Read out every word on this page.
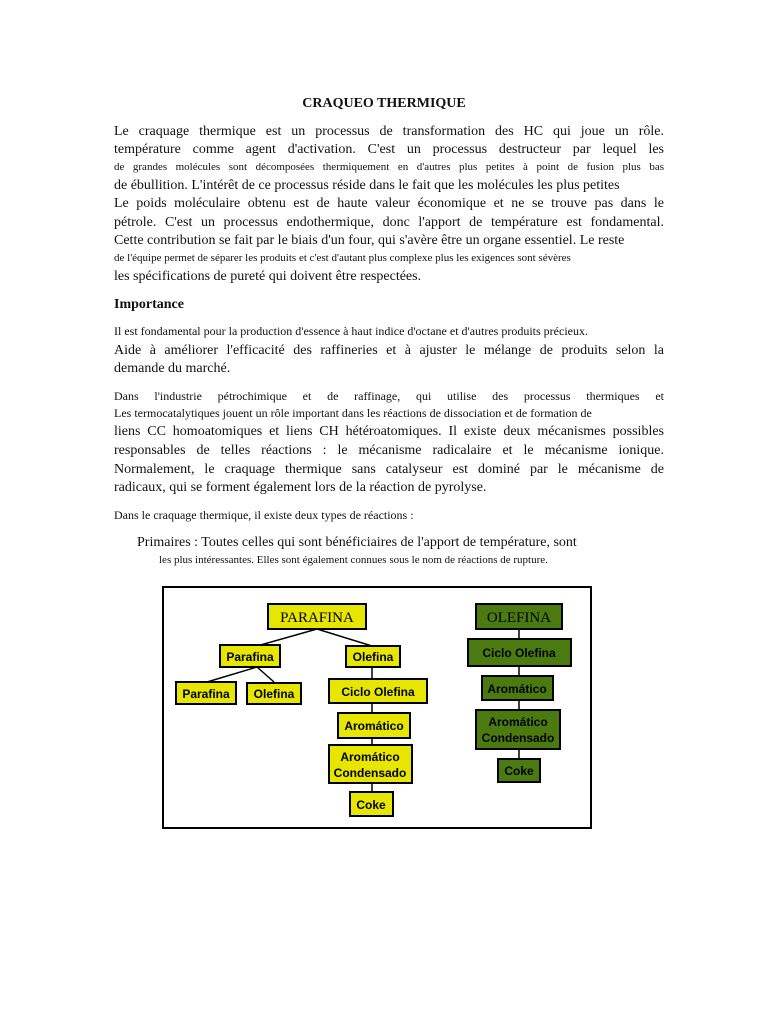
CRAQUEO THERMIQUE
Le craquage thermique est un processus de transformation des HC qui joue un rôle.
température comme agent d'activation. C'est un processus destructeur par lequel les
de grandes molécules sont décomposées thermiquement en d'autres plus petites à point de fusion plus bas
de ébullition. L'intérêt de ce processus réside dans le fait que les molécules les plus petites
Le poids moléculaire obtenu est de haute valeur économique et ne se trouve pas dans le
pétrole. C'est un processus endothermique, donc l'apport de température est fondamental.
Cette contribution se fait par le biais d'un four, qui s'avère être un organe essentiel. Le reste
de l'équipe permet de séparer les produits et c'est d'autant plus complexe plus les exigences sont sévères
les spécifications de pureté qui doivent être respectées.
Importance
Il est fondamental pour la production d'essence à haut indice d'octane et d'autres produits précieux.
Aide à améliorer l'efficacité des raffineries et à ajuster le mélange de produits selon la
demande du marché.
Dans l'industrie pétrochimique et de raffinage, qui utilise des processus thermiques et
Les termocatalytiques jouent un rôle important dans les réactions de dissociation et de formation de
liens CC homoatomiques et liens CH hétéroatomiques. Il existe deux mécanismes possibles
responsables de telles réactions : le mécanisme radicalaire et le mécanisme ionique.
Normalement, le craquage thermique sans catalyseur est dominé par le mécanisme de
radicaux, qui se forment également lors de la réaction de pyrolyse.
Dans le craquage thermique, il existe deux types de réactions :
Primaires : Toutes celles qui sont bénéficiaires de l'apport de température, sont
les plus intéressantes. Elles sont également connues sous le nom de réactions de rupture.
PARAFINA
Parafina	Olefina
Parafina Olefina	Ciclo Olefina
Aromático
Aromático
Condensado
Coke
OLEFINA
Ciclo Olefina
Aromático
Aromático
Condensado
Coke
